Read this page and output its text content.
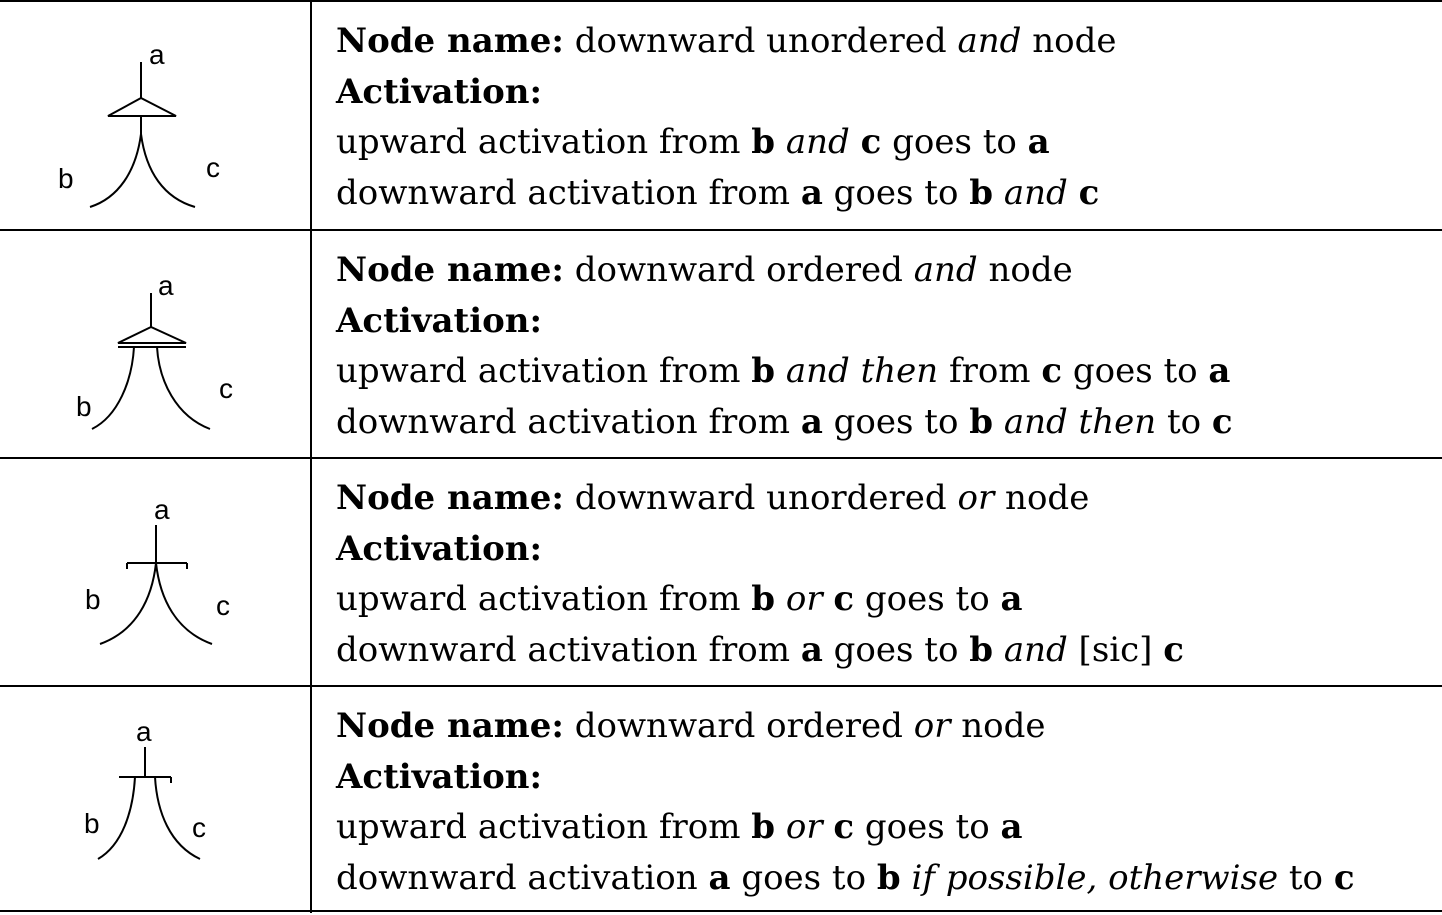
a
b	c
Node name: downward unordered and node
Activation:
upward activation from b and c goes to a
downward activation from a goes to b and c
a
b
c
Node name: downward ordered and node
Activation:
upward activation from b and then from c goes to a
downward activation from a goes to b and then to c
a
b	c
Node name: downward unordered or node
Activation:
upward activation from b or c goes to a
downward activation from a goes to b and [sic] c
a
b	c
Node name: downward ordered or node
Activation:
upward activation from b or c goes to a
downward activation a goes to b if possible, otherwise to c
